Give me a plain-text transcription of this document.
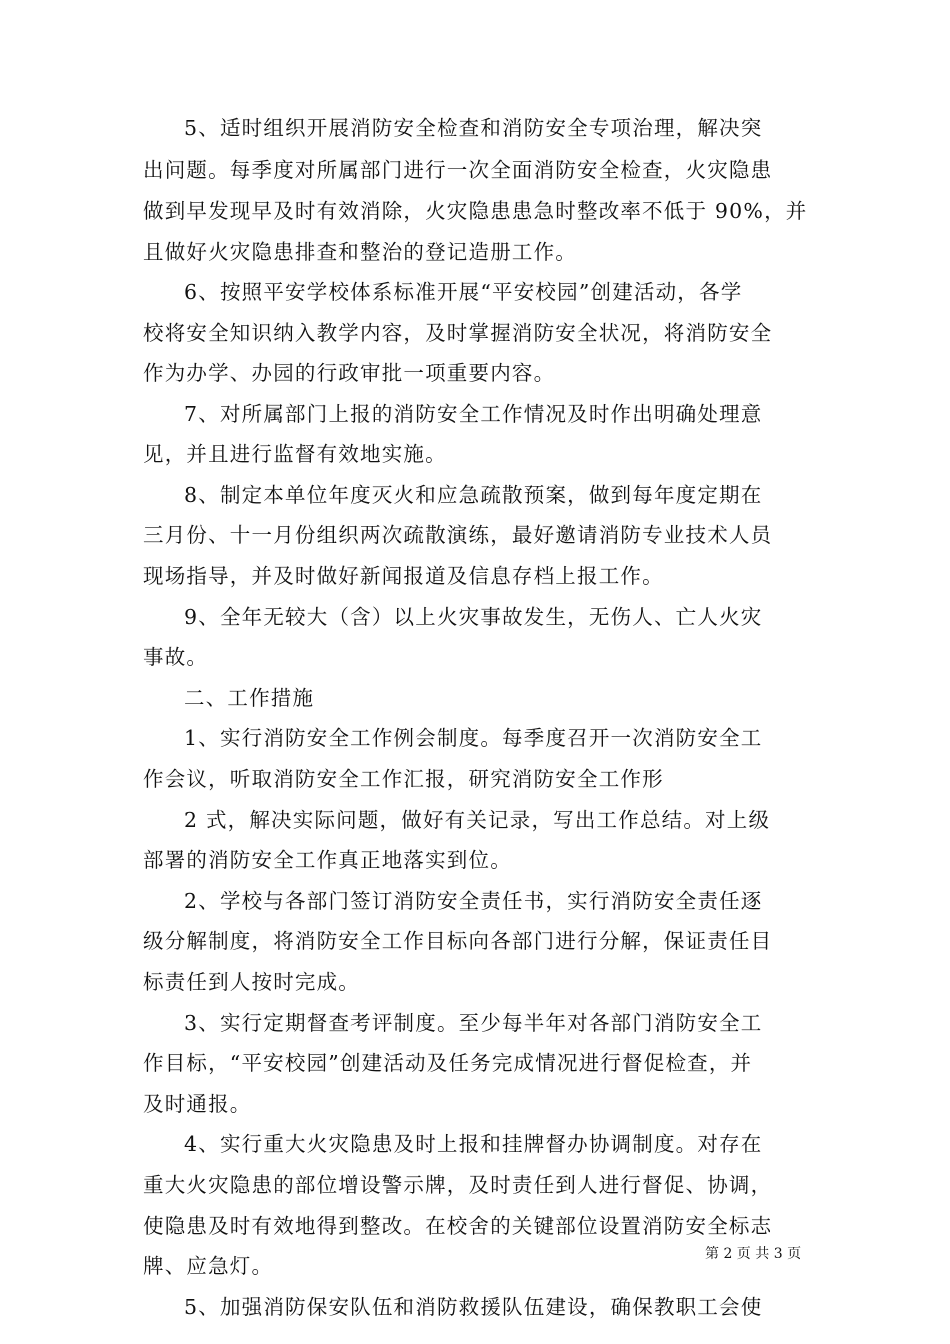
5、适时组织开展消防安全检查和消防安全专项治理，解决突
出问题。每季度对所属部门进行一次全面消防安全检查，火灾隐患
做到早发现早及时有效消除，火灾隐患患急时整改率不低于 90%，并
且做好火灾隐患排查和整治的登记造册工作。
6、按照平安学校体系标准开展“平安校园”创建活动，各学
校将安全知识纳入教学内容，及时掌握消防安全状况，将消防安全
作为办学、办园的行政审批一项重要内容。
7、对所属部门上报的消防安全工作情况及时作出明确处理意
见，并且进行监督有效地实施。
8、制定本单位年度灭火和应急疏散预案，做到每年度定期在
三月份、十一月份组织两次疏散演练，最好邀请消防专业技术人员
现场指导，并及时做好新闻报道及信息存档上报工作。
9、全年无较大（含）以上火灾事故发生，无伤人、亡人火灾
事故。
二、工作措施
1、实行消防安全工作例会制度。每季度召开一次消防安全工
作会议，听取消防安全工作汇报，研究消防安全工作形
2 式，解决实际问题，做好有关记录，写出工作总结。对上级
部署的消防安全工作真正地落实到位。
2、学校与各部门签订消防安全责任书，实行消防安全责任逐
级分解制度，将消防安全工作目标向各部门进行分解，保证责任目
标责任到人按时完成。
3、实行定期督查考评制度。至少每半年对各部门消防安全工
作目标，“平安校园”创建活动及任务完成情况进行督促检查，并
及时通报。
4、实行重大火灾隐患及时上报和挂牌督办协调制度。对存在
重大火灾隐患的部位增设警示牌，及时责任到人进行督促、协调，
使隐患及时有效地得到整改。在校舍的关键部位设置消防安全标志
牌、应急灯。
5、加强消防保安队伍和消防救援队伍建设，确保教职工会使
第 2 页 共 3 页
